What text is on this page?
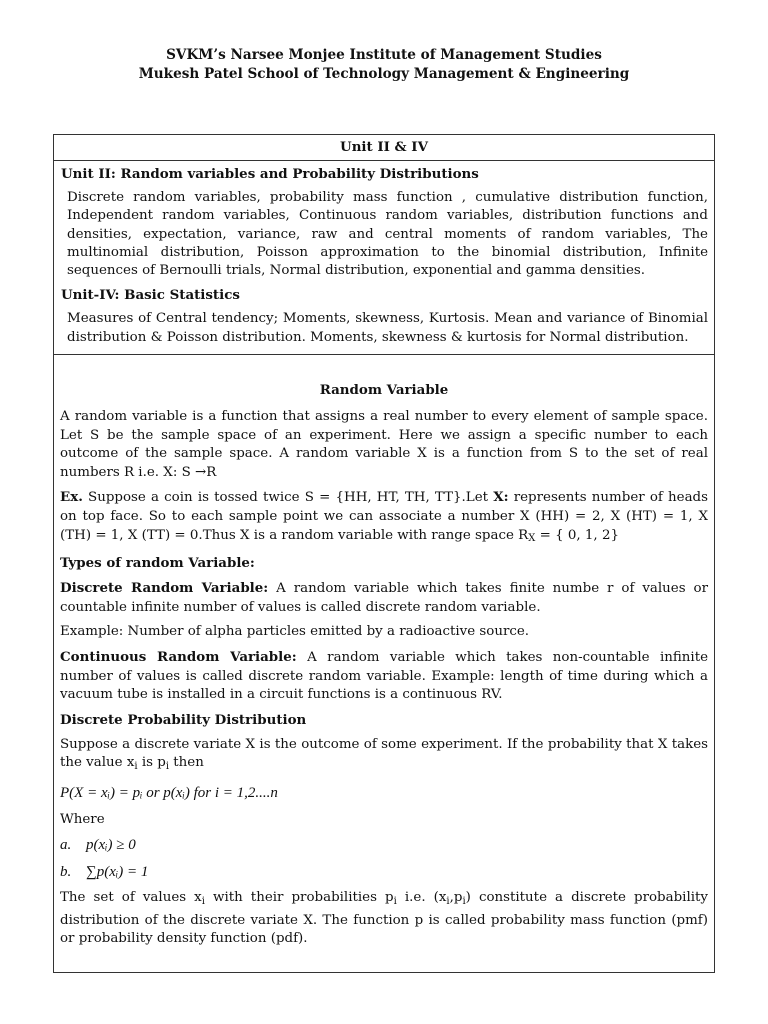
SVKM’s Narsee Monjee Institute of Management Studies
Mukesh Patel School of Technology Management & Engineering
Unit II & IV
Unit II: Random variables and Probability Distributions

Discrete random variables, probability mass function , cumulative distribution function, Independent random variables, Continuous random variables, distribution functions and densities, expectation, variance, raw and central moments of random variables, The multinomial distribution, Poisson approximation to the binomial distribution, Infinite sequences of Bernoulli trials, Normal distribution, exponential and gamma densities.

Unit-IV: Basic Statistics

Measures of Central tendency; Moments, skewness, Kurtosis. Mean and variance of Binomial distribution & Poisson distribution. Moments, skewness & kurtosis for Normal distribution.

Random Variable

A random variable is a function that assigns a real number to every element of sample space. Let S be the sample space of an experiment. Here we assign a specific number to each outcome of the sample space. A random variable X is a function from S to the set of real numbers R i.e. X: S →R

Ex. Suppose a coin is tossed twice S = {HH, HT, TH, TT}.Let X: represents number of heads on top face. So to each sample point we can associate a number X (HH) = 2, X (HT) = 1, X (TH) = 1, X (TT) = 0.Thus X is a random variable with range space RX = { 0, 1, 2}

Types of random Variable:

Discrete Random Variable: A random variable which takes finite numbe r of values or countable infinite number of values is called discrete random variable.

Example: Number of alpha particles emitted by a radioactive source.

Continuous Random Variable: A random variable which takes non-countable infinite number of values is called discrete random variable. Example: length of time during which a vacuum tube is installed in a circuit functions is a continuous RV.

Discrete Probability Distribution

Suppose a discrete variate X is the outcome of some experiment. If the probability that X takes the value $x_i$ is $p_i$ then

P(X = xᵢ) = pᵢ or p(xᵢ) for i = 1,2....n
Where
a. p(xᵢ) ≥ 0
b. ∑p(xᵢ) = 1

The set of values $x_i$ with their probabilities $p_i$ i.e. $(x_i,p_i)$ constitute a discrete probability distribution of the discrete variate X. The function p is called probability mass function (pmf) or probability density function (pdf).
